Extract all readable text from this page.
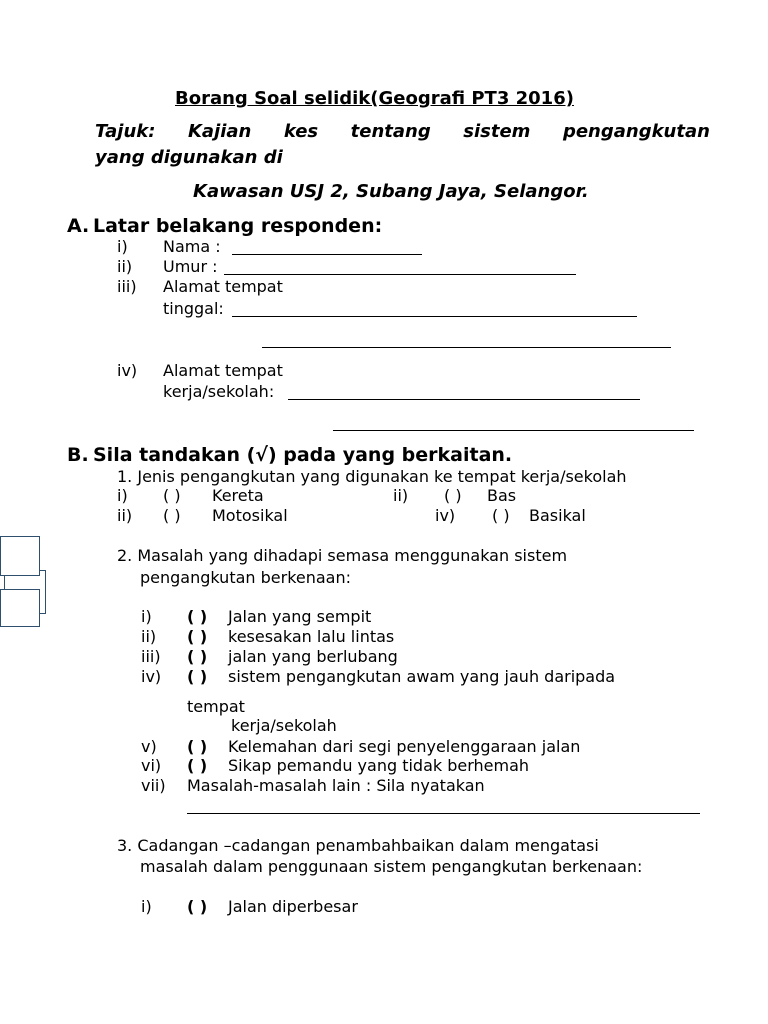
Borang Soal selidik(Geografi PT3 2016)
Tajuk: Kajian kes tentang sistem pengangkutan
yang digunakan di
Kawasan USJ 2, Subang Jaya, Selangor.
A. Latar belakang responden:
i) Nama :
ii) Umur :
iii) Alamat tempat
tinggal:
iv) Alamat tempat
kerja/sekolah:
B. Sila tandakan (√) pada yang berkaitan.
1. Jenis pengangkutan yang digunakan ke tempat kerja/sekolah
i) ( ) Kereta	ii) ( ) Bas
ii) ( ) Motosikal	iv) ( ) Basikal
2. Masalah yang dihadapi semasa menggunakan sistem
pengangkutan berkenaan:
i) ( ) Jalan yang sempit
ii) ( ) kesesakan lalu lintas
iii) ( ) jalan yang berlubang
iv) ( ) sistem pengangkutan awam yang jauh daripada
tempat
kerja/sekolah
v) ( ) Kelemahan dari segi penyelenggaraan jalan
vi) ( ) Sikap pemandu yang tidak berhemah
vii) Masalah-masalah lain : Sila nyatakan
3. Cadangan –cadangan penambahbaikan dalam mengatasi
masalah dalam penggunaan sistem pengangkutan berkenaan:
i) ( ) Jalan diperbesar
